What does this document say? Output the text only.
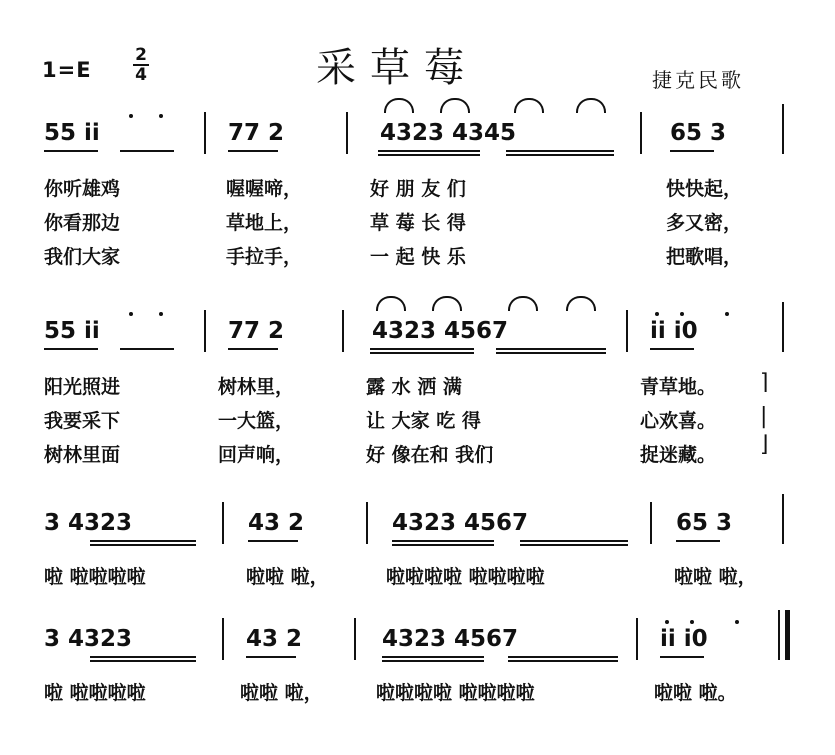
1=E
2
4	采草莓	捷克民歌
55 ii	77 2	4323 4345	65 3
你听雄鸡	喔喔啼，	好 朋 友 们	快快起，
你看那边	草地上，	草 莓 长 得	多又密，
我们大家	手拉手，	一 起 快 乐	把歌唱，
55 ii	77 2	4323 4567	ii i0
阳光照进	树林里，	露 水 洒 满	青草地。
我要采下	一大篮，	让 大家 吃 得	心欢喜。
树林里面	回声响，	好 像在和 我们	捉迷藏。
⌉
|
⌋
3 4323	43 2	4323 4567	65 3
啦 啦啦啦啦	啦啦 啦，	啦啦啦啦 啦啦啦啦	啦啦 啦，
3 4323	43 2	4323 4567	ii i0
啦 啦啦啦啦	啦啦 啦，	啦啦啦啦 啦啦啦啦	啦啦 啦。
